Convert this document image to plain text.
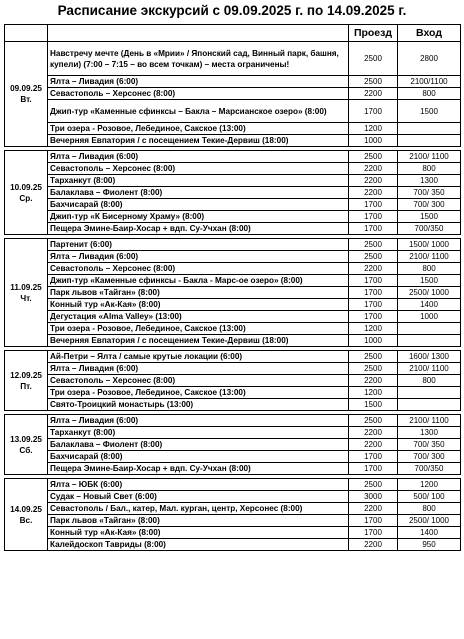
Расписание экскурсий с 09.09.2025 г. по 14.09.2025 г.
		Проезд	Вход

09.09.25
Вт.	Навстречу мечте (День в «Мрии» / Японский сад, Винный парк, башня, купели) (7:00 – 7:15 – во всем точкам) – места ограничены!	2500	2800
	Ялта – Ливадия (6:00)	2500	2100/1100
	Севастополь – Херсонес (8:00)	2200	800
	Джип-тур «Каменные сфинксы – Бакла – Марсианское озеро» (8:00)	1700	1500
	Три озера - Розовое, Лебединое, Сакское (13:00)	1200	
	Вечерняя Евпатория / с посещением Текие-Дервиш (18:00)	1000	

10.09.25
Ср.	Ялта – Ливадия (6:00)	2500	2100/ 1100
	Севастополь – Херсонес (8:00)	2200	800
	Тарханкут (8:00)	2200	1300
	Балаклава – Фиолент (8:00)	2200	700/ 350
	Бахчисарай (8:00)	1700	700/ 300
	Джип-тур «К Бисерному Храму» (8:00)	1700	1500
	Пещера Эмине-Баир-Хосар + вдп. Су-Учхан (8:00)	1700	700/350

11.09.25
Чт.	Партенит (6:00)	2500	1500/ 1000
	Ялта – Ливадия (6:00)	2500	2100/ 1100
	Севастополь – Херсонес (8:00)	2200	800
	Джип-тур «Каменные сфинксы - Бакла - Марс-ое озеро» (8:00)	1700	1500
	Парк львов «Тайган» (8:00)	1700	2500/ 1000
	Конный тур «Ак-Кая» (8:00)	1700	1400
	Дегустация «Alma Valley» (13:00)	1700	1000
	Три озера - Розовое, Лебединое, Сакское (13:00)	1200	
	Вечерняя Евпатория / с посещением Текие-Дервиш (18:00)	1000	

12.09.25
Пт.	Ай-Петри – Ялта / самые крутые локации (6:00)	2500	1600/ 1300
	Ялта – Ливадия (6:00)	2500	2100/ 1100
	Севастополь – Херсонес (8:00)	2200	800
	Три озера - Розовое, Лебединое, Сакское (13:00)	1200	
	Свято-Троицкий монастырь (13:00)	1500	

13.09.25
Сб.	Ялта – Ливадия (6:00)	2500	2100/ 1100
	Тарханкут (8:00)	2200	1300
	Балаклава – Фиолент (8:00)	2200	700/ 350
	Бахчисарай (8:00)	1700	700/ 300
	Пещера Эмине-Баир-Хосар + вдп. Су-Учхан (8:00)	1700	700/350

14.09.25
Вс.	Ялта – ЮБК (6:00)	2500	1200
	Судак – Новый Свет (6:00)	3000	500/ 100
	Севастополь / Бал., катер, Мал. курган, центр, Херсонес (8:00)	2200	800
	Парк львов «Тайган» (8:00)	1700	2500/ 1000
	Конный тур «Ак-Кая» (8:00)	1700	1400
	Калейдоскоп Тавриды (8:00)	2200	950
